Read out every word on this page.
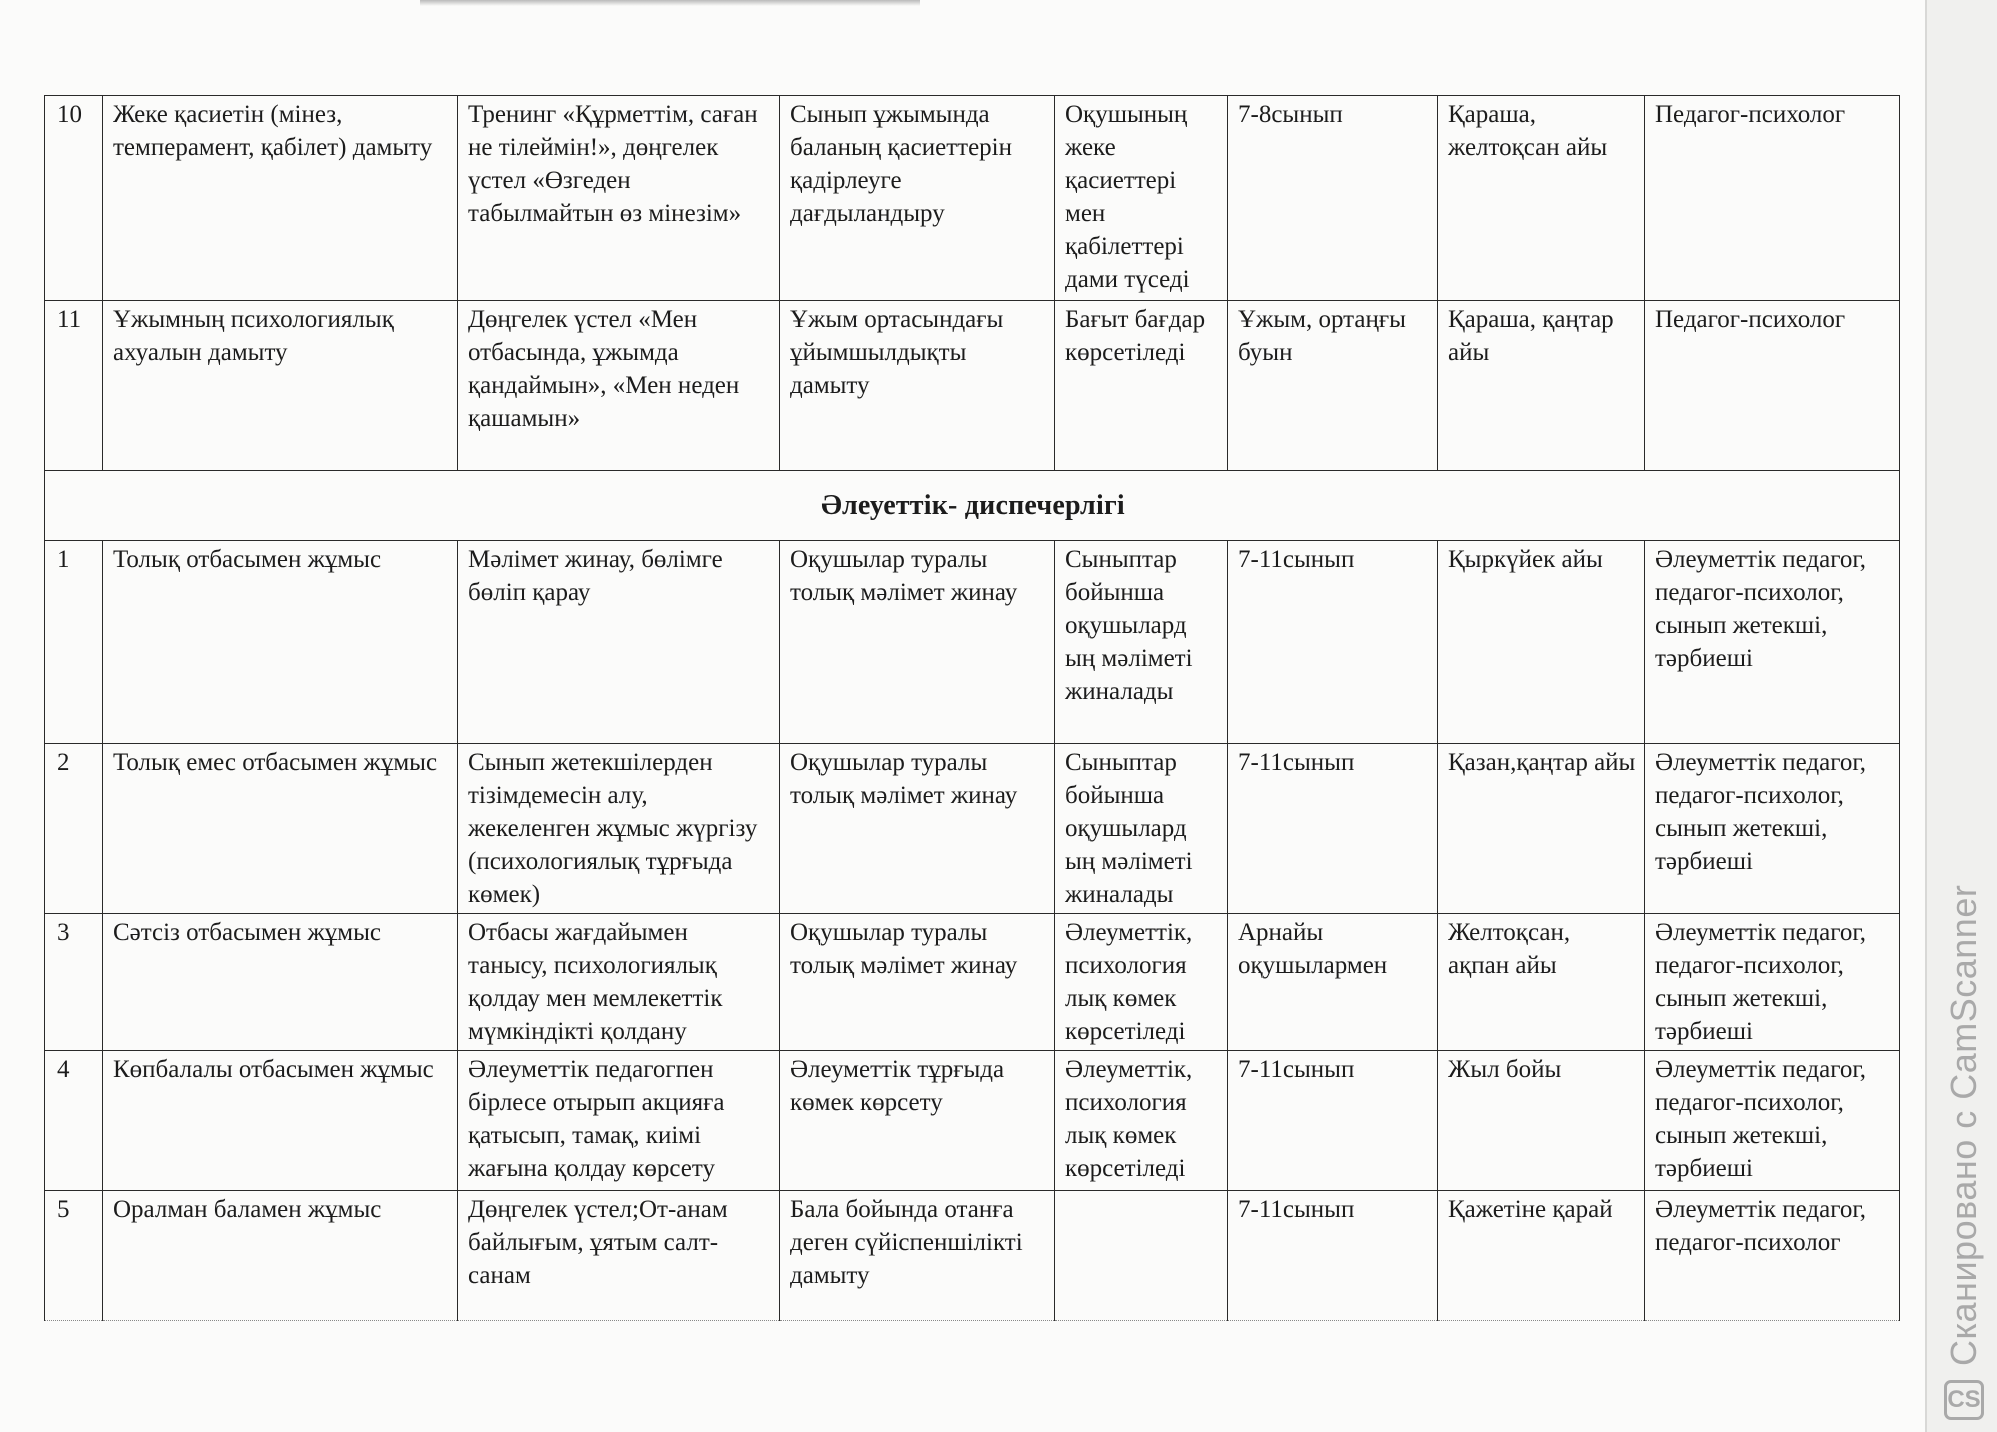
10	Жеке қасиетін (мінез, темперамент, қабілет) дамыту	Тренинг «Құрметтім, саған не тілеймін!», дөңгелек үстел «Өзгеден табылмайтын өз мінезім»	Сынып ұжымында баланың қасиеттерін қадірлеуге дағдыландыру	Оқушының жеке қасиеттері мен қабілеттері дами түседі	7-8сынып	Қараша, желтоқсан айы	Педагог-психолог
11	Ұжымның психологиялық ахуалын дамыту	Дөңгелек үстел «Мен отбасында, ұжымда қандаймын», «Мен неден қашамын»	Ұжым ортасындағы ұйымшылдықты дамыту	Бағыт бағдар көрсетіледі	Ұжым, ортаңғы буын	Қараша, қаңтар айы	Педагог-психолог
Әлеуеттік- диспечерлігі							
1	Толық отбасымен жұмыс	Мәлімет жинау, бөлімге бөліп қарау	Оқушылар туралы толық мәлімет жинау	Сыныптар бойынша оқушылард ың мәліметі жиналады	7-11сынып	Қыркүйек айы	Әлеуметтік педагог, педагог-психолог, сынып жетекші, тәрбиеші
2	Толық емес отбасымен жұмыс	Сынып жетекшілерден тізімдемесін алу, жекеленген жұмыс жүргізу (психологиялық тұрғыда көмек)	Оқушылар туралы толық мәлімет жинау	Сыныптар бойынша оқушылард ың мәліметі жиналады	7-11сынып	Қазан,қаңтар айы	Әлеуметтік педагог, педагог-психолог, сынып жетекші, тәрбиеші
3	Сәтсіз отбасымен жұмыс	Отбасы жағдайымен танысу, психологиялық қолдау мен мемлекеттік мүмкіндікті қолдану	Оқушылар туралы толық мәлімет жинау	Әлеуметтік, психология лық көмек көрсетіледі	Арнайы оқушылармен	Желтоқсан, ақпан айы	Әлеуметтік педагог, педагог-психолог, сынып жетекші, тәрбиеші
4	Көпбалалы отбасымен жұмыс	Әлеуметтік педагогпен бірлесе отырып акцияға қатысып, тамақ, киімі жағына қолдау көрсету	Әлеуметтік тұрғыда көмек көрсету	Әлеуметтік, психология лық көмек көрсетіледі	7-11сынып	Жыл бойы	Әлеуметтік педагог, педагог-психолог, сынып жетекші, тәрбиеші
5	Оралман баламен жұмыс	Дөңгелек үстел;От-анам байлығым, ұятым салт-санам	Бала бойында отанға деген сүйіспеншілікті дамыту		7-11сынып	Қажетіне қарай	Әлеуметтік педагог, педагог-психолог
CS
Сканировано с CamScanner
